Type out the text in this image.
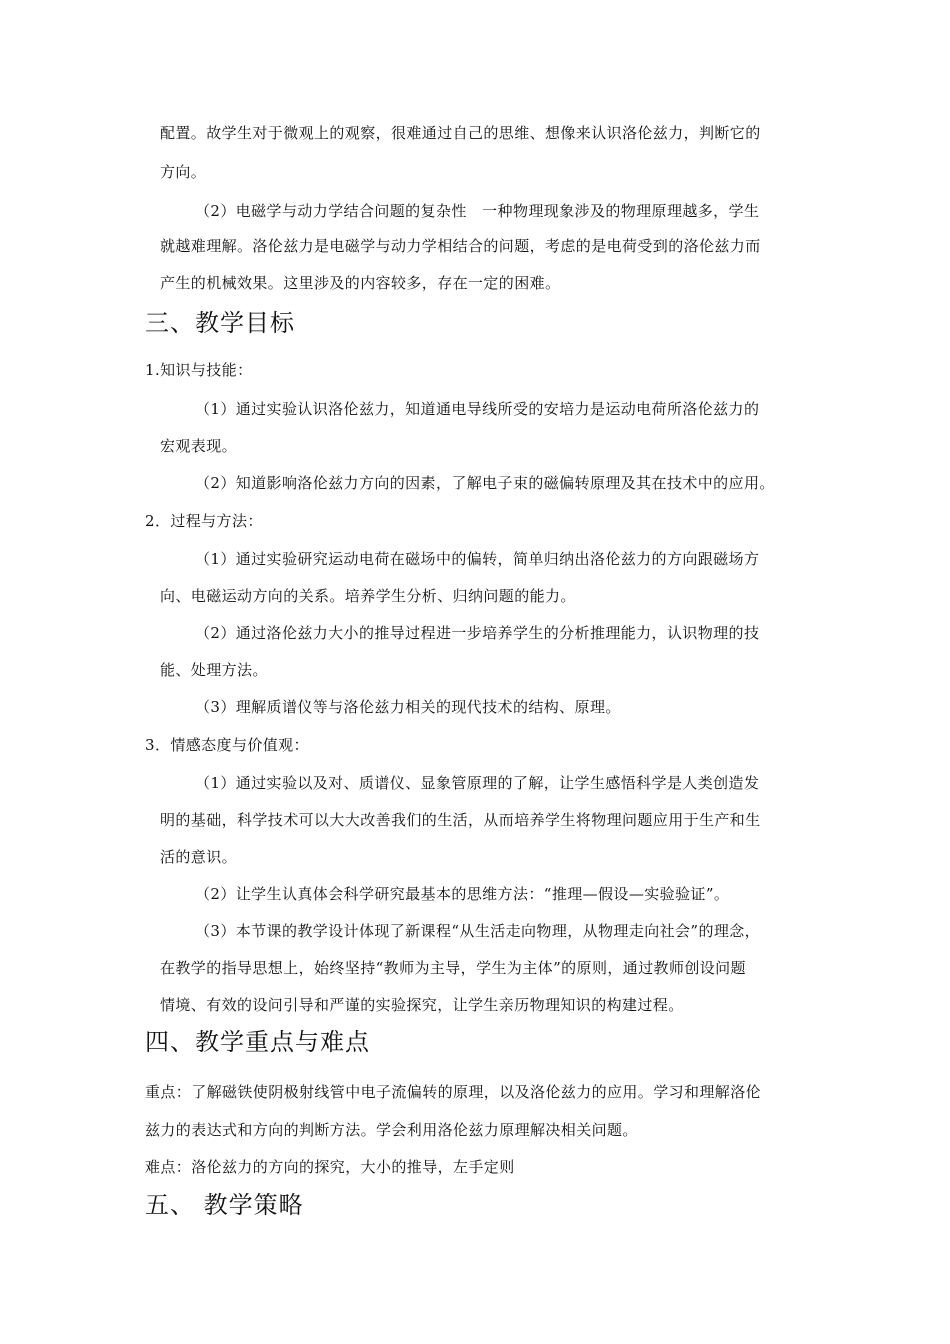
配置。故学生对于微观上的观察，很难通过自己的思维、想像来认识洛伦兹力，判断它的
方向。
（2）电磁学与动力学结合问题的复杂性　一种物理现象涉及的物理原理越多，学生
就越难理解。洛伦兹力是电磁学与动力学相结合的问题，考虑的是电荷受到的洛伦兹力而
产生的机械效果。这里涉及的内容较多，存在一定的困难。
三、教学目标
1.知识与技能：
（1）通过实验认识洛伦兹力，知道通电导线所受的安培力是运动电荷所洛伦兹力的
宏观表现。
（2）知道影响洛伦兹力方向的因素，了解电子束的磁偏转原理及其在技术中的应用。
2．过程与方法：
（1）通过实验研究运动电荷在磁场中的偏转，简单归纳出洛伦兹力的方向跟磁场方
向、电磁运动方向的关系。培养学生分析、归纳问题的能力。
（2）通过洛伦兹力大小的推导过程进一步培养学生的分析推理能力，认识物理的技
能、处理方法。
（3）理解质谱仪等与洛伦兹力相关的现代技术的结构、原理。
3．情感态度与价值观：
（1）通过实验以及对、质谱仪、显象管原理的了解，让学生感悟科学是人类创造发
明的基础，科学技术可以大大改善我们的生活，从而培养学生将物理问题应用于生产和生
活的意识。
（2）让学生认真体会科学研究最基本的思维方法：“推理—假设—实验验证”。
（3）本节课的教学设计体现了新课程“从生活走向物理，从物理走向社会”的理念，
在教学的指导思想上，始终坚持“教师为主导，学生为主体”的原则，通过教师创设问题
情境、有效的设问引导和严谨的实验探究，让学生亲历物理知识的构建过程。
四、教学重点与难点
重点：了解磁铁使阴极射线管中电子流偏转的原理，以及洛伦兹力的应用。学习和理解洛伦
兹力的表达式和方向的判断方法。学会利用洛伦兹力原理解决相关问题。
难点：洛伦兹力的方向的探究，大小的推导，左手定则
五、 教学策略
